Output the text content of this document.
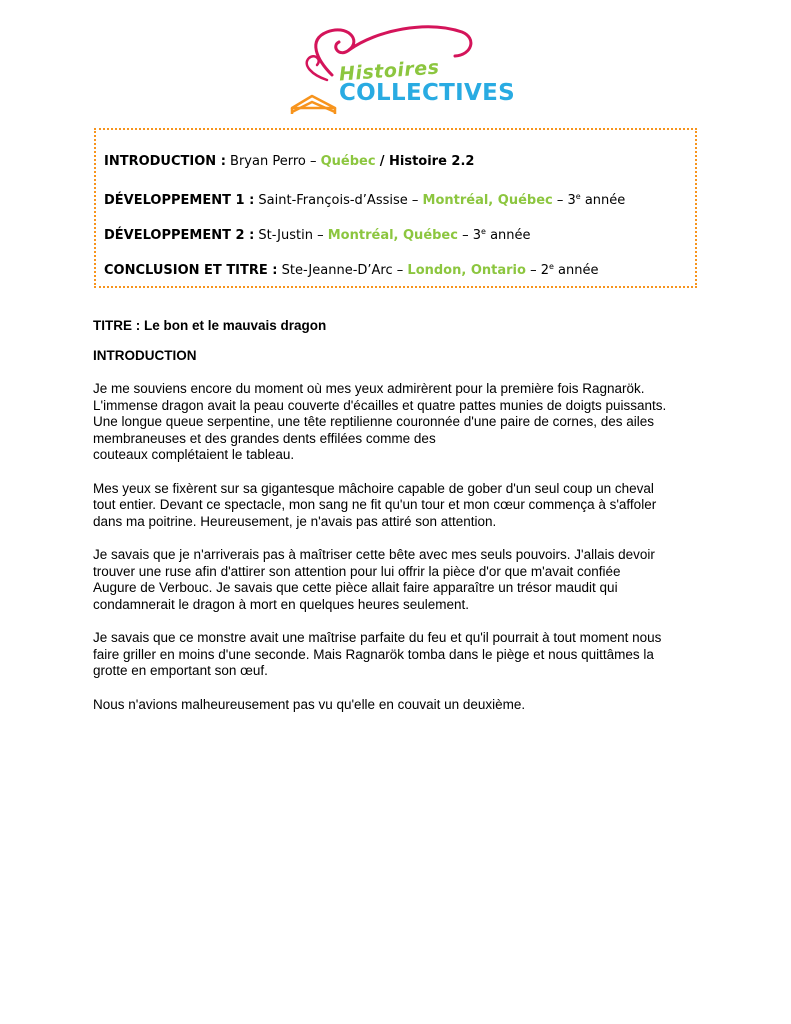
Histoires
COLLECTIVES
INTRODUCTION : Bryan Perro – Québec / Histoire 2.2
DÉVELOPPEMENT 1 : Saint-François-d’Assise – Montréal, Québec – 3e année
DÉVELOPPEMENT 2 : St-Justin – Montréal, Québec – 3e année
CONCLUSION ET TITRE : Ste-Jeanne-D’Arc – London, Ontario – 2e année
TITRE : Le bon et le mauvais dragon
INTRODUCTION

Je me souviens encore du moment où mes yeux admirèrent pour la première fois Ragnarök.
L'immense dragon avait la peau couverte d'écailles et quatre pattes munies de doigts puissants.
Une longue queue serpentine, une tête reptilienne couronnée d'une paire de cornes, des ailes
membraneuses et des grandes dents effilées comme des
couteaux complétaient le tableau.

Mes yeux se fixèrent sur sa gigantesque mâchoire capable de gober d'un seul coup un cheval
tout entier. Devant ce spectacle, mon sang ne fit qu'un tour et mon cœur commença à s'affoler
dans ma poitrine. Heureusement, je n'avais pas attiré son attention.

Je savais que je n'arriverais pas à maîtriser cette bête avec mes seuls pouvoirs. J'allais devoir
trouver une ruse afin d'attirer son attention pour lui offrir la pièce d'or que m'avait confiée
Augure de Verbouc. Je savais que cette pièce allait faire apparaître un trésor maudit qui
condamnerait le dragon à mort en quelques heures seulement.

Je savais que ce monstre avait une maîtrise parfaite du feu et qu'il pourrait à tout moment nous
faire griller en moins d'une seconde. Mais Ragnarök tomba dans le piège et nous quittâmes la
grotte en emportant son œuf.

Nous n'avions malheureusement pas vu qu'elle en couvait un deuxième.
